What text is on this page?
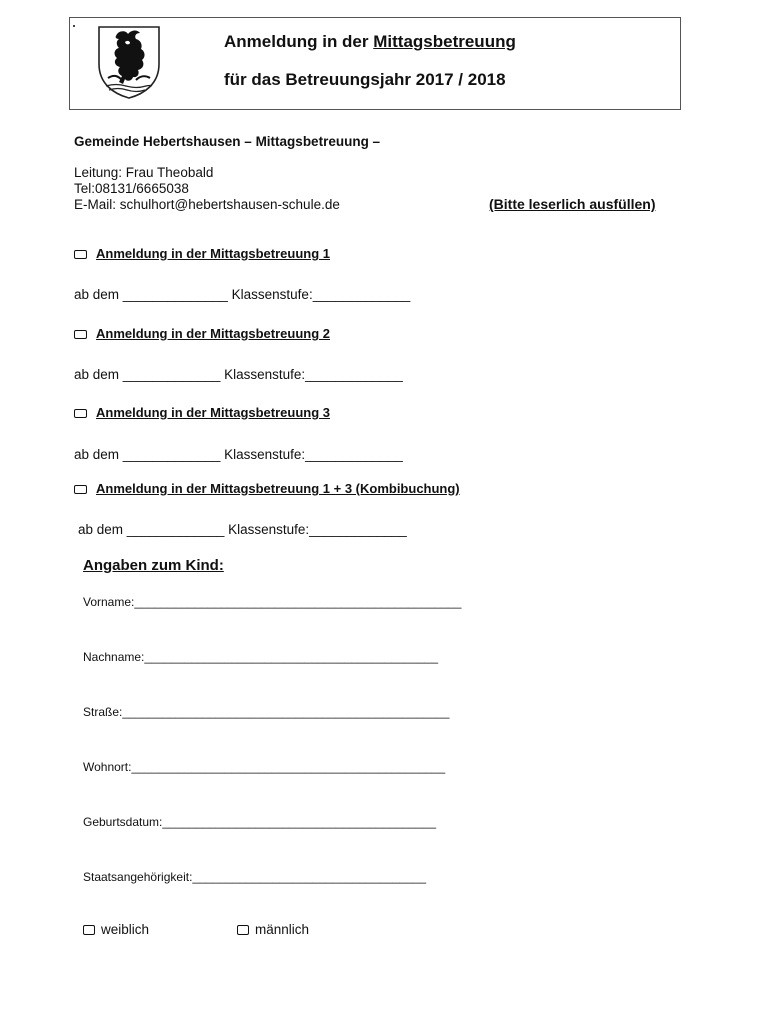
Anmeldung in der Mittagsbetreuung
für das Betreuungsjahr 2017 / 2018
Gemeinde Hebertshausen – Mittagsbetreuung –
Leitung: Frau Theobald
Tel:08131/6665038
E-Mail: schulhort@hebertshausen-schule.de	(Bitte leserlich ausfüllen)
Anmeldung in der Mittagsbetreuung 1
ab dem ______________ Klassenstufe:_____________
Anmeldung in der Mittagsbetreuung 2
ab dem _____________ Klassenstufe:_____________
Anmeldung in der Mittagsbetreuung 3
ab dem _____________ Klassenstufe:_____________
Anmeldung in der Mittagsbetreuung 1 + 3 (Kombibuchung)
ab dem _____________ Klassenstufe:_____________
Angaben zum Kind:
Vorname:_________________________________________________
Nachname:____________________________________________
Straße:_________________________________________________
Wohnort:_______________________________________________
Geburtsdatum:_________________________________________
Staatsangehörigkeit:___________________________________
weiblich	männlich
